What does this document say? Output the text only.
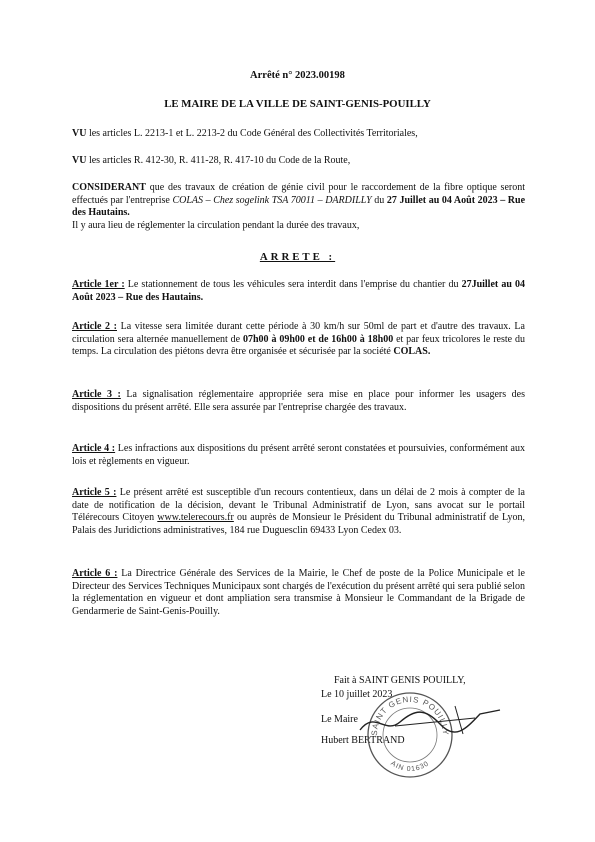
Arrêté n° 2023.00198
LE MAIRE DE LA VILLE DE SAINT-GENIS-POUILLY
VU les articles L. 2213-1 et L. 2213-2 du Code Général des Collectivités Territoriales,
VU les articles R. 412-30, R. 411-28, R. 417-10 du Code de la Route,
CONSIDERANT que des travaux de création de génie civil pour le raccordement de la fibre optique seront effectués par l'entreprise COLAS – Chez sogelink TSA 70011 – DARDILLY du 27 Juillet au 04 Août 2023 – Rue des Hautains.
Il y aura lieu de réglementer la circulation pendant la durée des travaux,
ARRETE :
Article 1er : Le stationnement de tous les véhicules sera interdit dans l'emprise du chantier du 27Juillet au 04 Août 2023 – Rue des Hautains.
Article 2 : La vitesse sera limitée durant cette période à 30 km/h sur 50ml de part et d'autre des travaux. La circulation sera alternée manuellement de 07h00 à 09h00 et de 16h00 à 18h00 et par feux tricolores le reste du temps. La circulation des piétons devra être organisée et sécurisée par la société COLAS.
Article 3 : La signalisation réglementaire appropriée sera mise en place pour informer les usagers des dispositions du présent arrêté. Elle sera assurée par l'entreprise chargée des travaux.
Article 4 : Les infractions aux dispositions du présent arrêté seront constatées et poursuivies, conformément aux lois et règlements en vigueur.
Article 5 : Le présent arrêté est susceptible d'un recours contentieux, dans un délai de 2 mois à compter de la date de notification de la décision, devant le Tribunal Administratif de Lyon, sans avocat sur le portail Télérecours Citoyen www.telerecours.fr ou auprès de Monsieur le Président du Tribunal administratif de Lyon, Palais des Juridictions administratives, 184 rue Duguesclin 69433 Lyon Cedex 03.
Article 6 : La Directrice Générale des Services de la Mairie, le Chef de poste de la Police Municipale et le Directeur des Services Techniques Municipaux sont chargés de l'exécution du présent arrêté qui sera publié selon la réglementation en vigueur et dont ampliation sera transmise à Monsieur le Commandant de la Brigade de Gendarmerie de Saint-Genis-Pouilly.
Fait à SAINT GENIS POUILLY,
Le 10 juillet 2023
Le Maire
Hubert BERTRAND
SAINT GENIS POUILLY
AIN 01630
